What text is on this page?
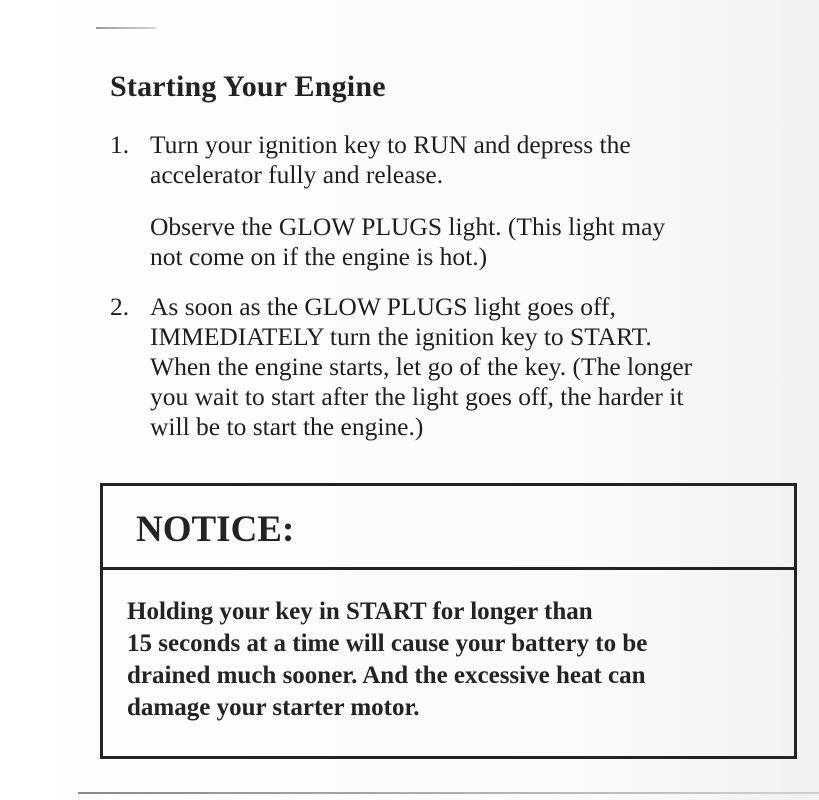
Starting Your Engine
1. Turn your ignition key to RUN and depress the
accelerator fully and release.
Observe the GLOW PLUGS light. (This light may
not come on if the engine is hot.)
2. As soon as the GLOW PLUGS light goes off,
IMMEDIATELY turn the ignition key to START.
When the engine starts, let go of the key. (The longer
you wait to start after the light goes off, the harder it
will be to start the engine.)
NOTICE:
Holding your key in START for longer than
15 seconds at a time will cause your battery to be
drained much sooner. And the excessive heat can
damage your starter motor.
